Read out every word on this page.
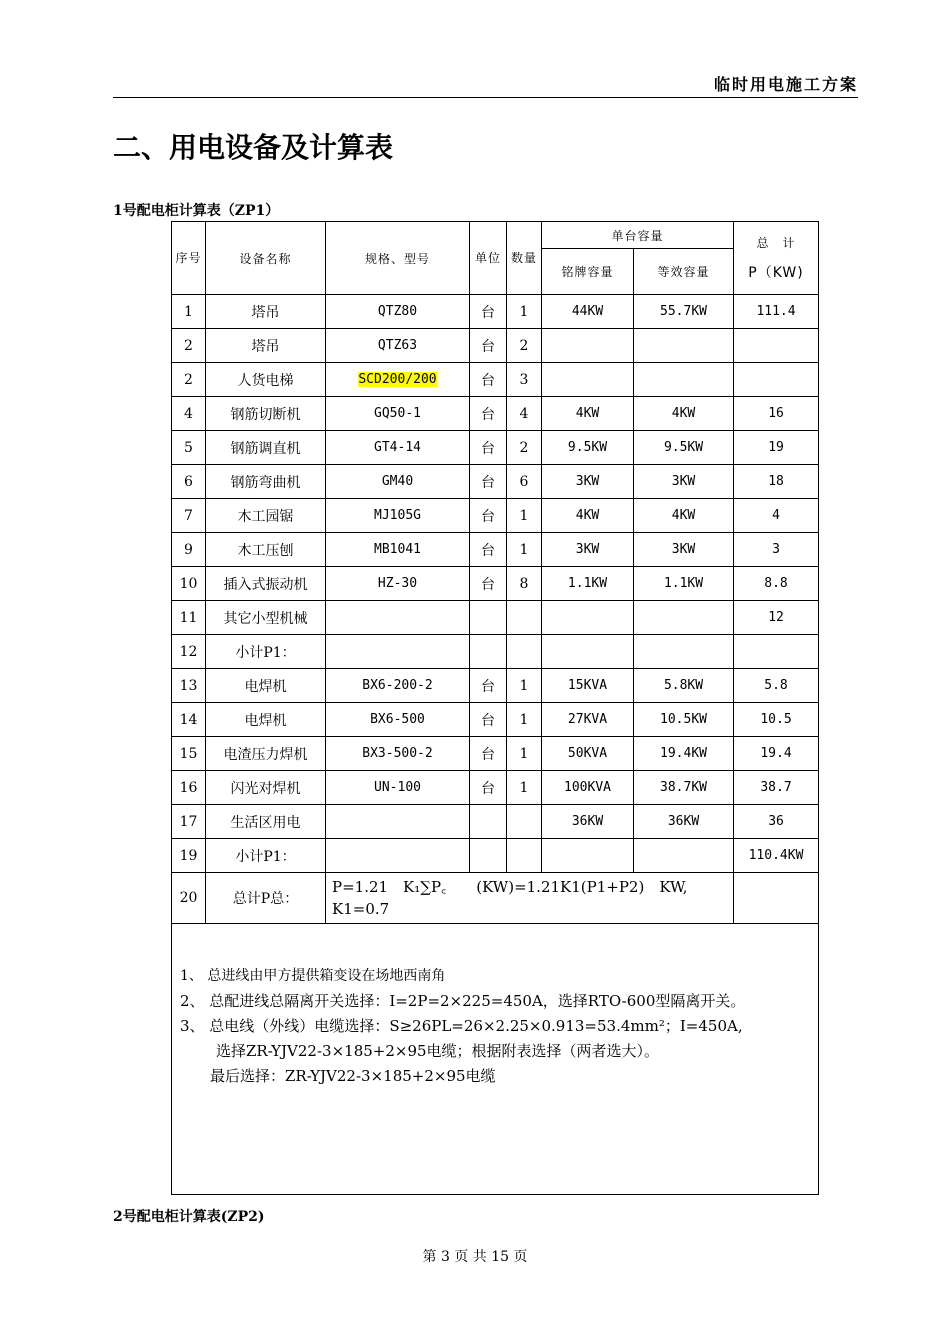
临时用电施工方案
二、用电设备及计算表
1号配电柜计算表（ZP1）
序号	设备名称	规格、型号	单位	数量	单台容量		总　计
P（KW)

					铭牌容量	等效容量	
1	塔吊	QTZ80	台	1	44KW	55.7KW	111.4
2	塔吊	QTZ63	台	2			
2	人货电梯	SCD200/200	台	3			
4	钢筋切断机	GQ50-1	台	4	4KW	4KW	16
5	钢筋调直机	GT4-14	台	2	9.5KW	9.5KW	19
6	钢筋弯曲机	GM40	台	6	3KW	3KW	18
7	木工园锯	MJ105G	台	1	4KW	4KW	4
9	木工压刨	MB1041	台	1	3KW	3KW	3
10	插入式振动机	HZ-30	台	8	1.1KW	1.1KW	8.8
11	其它小型机械						12
12	小计P1：						
13	电焊机	BX6-200-2	台	1	15KVA	5.8KW	5.8
14	电焊机	BX6-500	台	1	27KVA	10.5KW	10.5
15	电渣压力焊机	BX3-500-2	台	1	50KVA	19.4KW	19.4
16	闪光对焊机	UN-100	台	1	100KVA	38.7KW	38.7
17	生活区用电				36KW	36KW	36
19	小计P1：						110.4KW
20	总计P总：	P=1.21　K₁∑P꜀　　(KW)=1.21K1(P1+P2)　KW,
K1=0.7					

1、 总进线由甲方提供箱变设在场地西南角

2、 总配进线总隔离开关选择：I=2P=2×225=450A，选择RTO-600型隔离开关。

3、 总电线（外线）电缆选择：S≥26PL=26×2.25×0.913=53.4mm²；I=450A,

选择ZR-YJV22-3×185+2×95电缆；根据附表选择（两者选大）。

最后选择：ZR-YJV22-3×185+2×95电缆							

2号配电柜计算表(ZP2)
第 3 页 共 15 页
